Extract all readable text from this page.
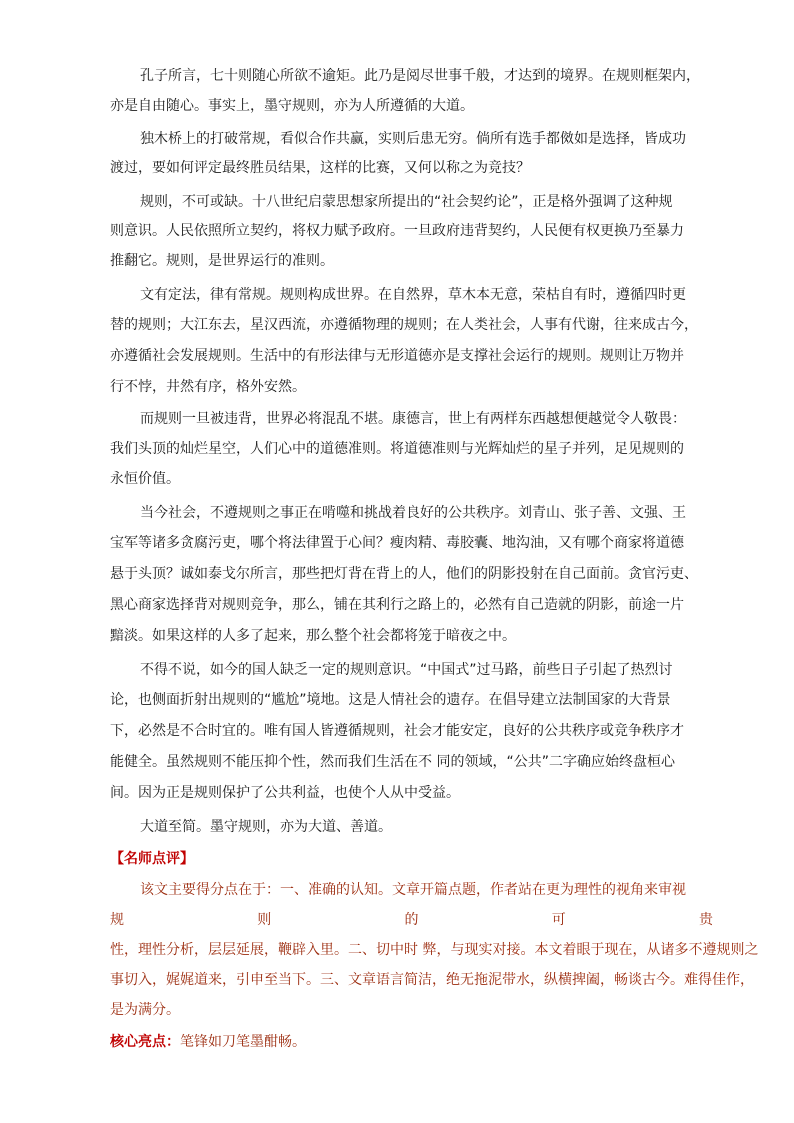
孔子所言，七十则随心所欲不逾矩。此乃是阅尽世事千般，才达到的境界。在规则框架内，
亦是自由随心。事实上，墨守规则，亦为人所遵循的大道。
独木桥上的打破常规，看似合作共赢，实则后患无穷。倘所有选手都傚如是选择，皆成功
渡过，要如何评定最终胜员结果，这样的比赛，又何以称之为竞技？
规则，不可或缺。十八世纪启蒙思想家所提出的“社会契约论”，正是格外强调了这种规
则意识。人民依照所立契约，将权力赋予政府。一旦政府违背契约，人民便有权更换乃至暴力
推翻它。规则，是世界运行的准则。
文有定法，律有常规。规则构成世界。在自然界，草木本无意，荣枯自有时，遵循四时更
替的规则；大江东去，星汉西流，亦遵循物理的规则；在人类社会，人事有代谢，往来成古今，
亦遵循社会发展规则。生活中的有形法律与无形道德亦是支撑社会运行的规则。规则让万物并
行不悖，井然有序，格外安然。
而规则一旦被违背，世界必将混乱不堪。康德言，世上有两样东西越想便越觉令人敬畏：
我们头顶的灿烂星空，人们心中的道德准则。将道德准则与光辉灿烂的星子并列，足见规则的
永恒价值。
当今社会，不遵规则之事正在啃噬和挑战着良好的公共秩序。刘青山、张子善、文强、王
宝军等诸多贪腐污吏，哪个将法律置于心间？瘦肉精、毒胶囊、地沟油，又有哪个商家将道德
悬于头顶？诚如泰戈尔所言，那些把灯背在背上的人，他们的阴影投射在自己面前。贪官污吏、
黑心商家选择背对规则竞争，那么，铺在其利行之路上的，必然有自己造就的阴影，前途一片
黯淡。如果这样的人多了起来，那么整个社会都将笼于暗夜之中。
不得不说，如今的国人缺乏一定的规则意识。“中国式”过马路，前些日子引起了热烈讨
论，也侧面折射出规则的“尴尬”境地。这是人情社会的遗存。在倡导建立法制国家的大背景
下，必然是不合时宜的。唯有国人皆遵循规则，社会才能安定，良好的公共秩序或竞争秩序才
能健全。虽然规则不能压抑个性，然而我们生活在不 同的领域，“公共”二字确应始终盘桓心
间。因为正是规则保护了公共利益，也使个人从中受益。
大道至简。墨守规则，亦为大道、善道。
【名师点评】
该文主要得分点在于：一、准确的认知。文章开篇点题，作者站在更为理性的视角来审视
规	则	的	可	贵
性，理性分析，层层延展，鞭辟入里。二、切中时 弊，与现实对接。本文着眼于现在，从诸多不遵规则之
事切入，娓娓道来，引申至当下。三、文章语言简洁，绝无拖泥带水，纵横捭阖，畅谈古今。难得佳作，
是为满分。
核心亮点：笔锋如刀笔墨酣畅。
